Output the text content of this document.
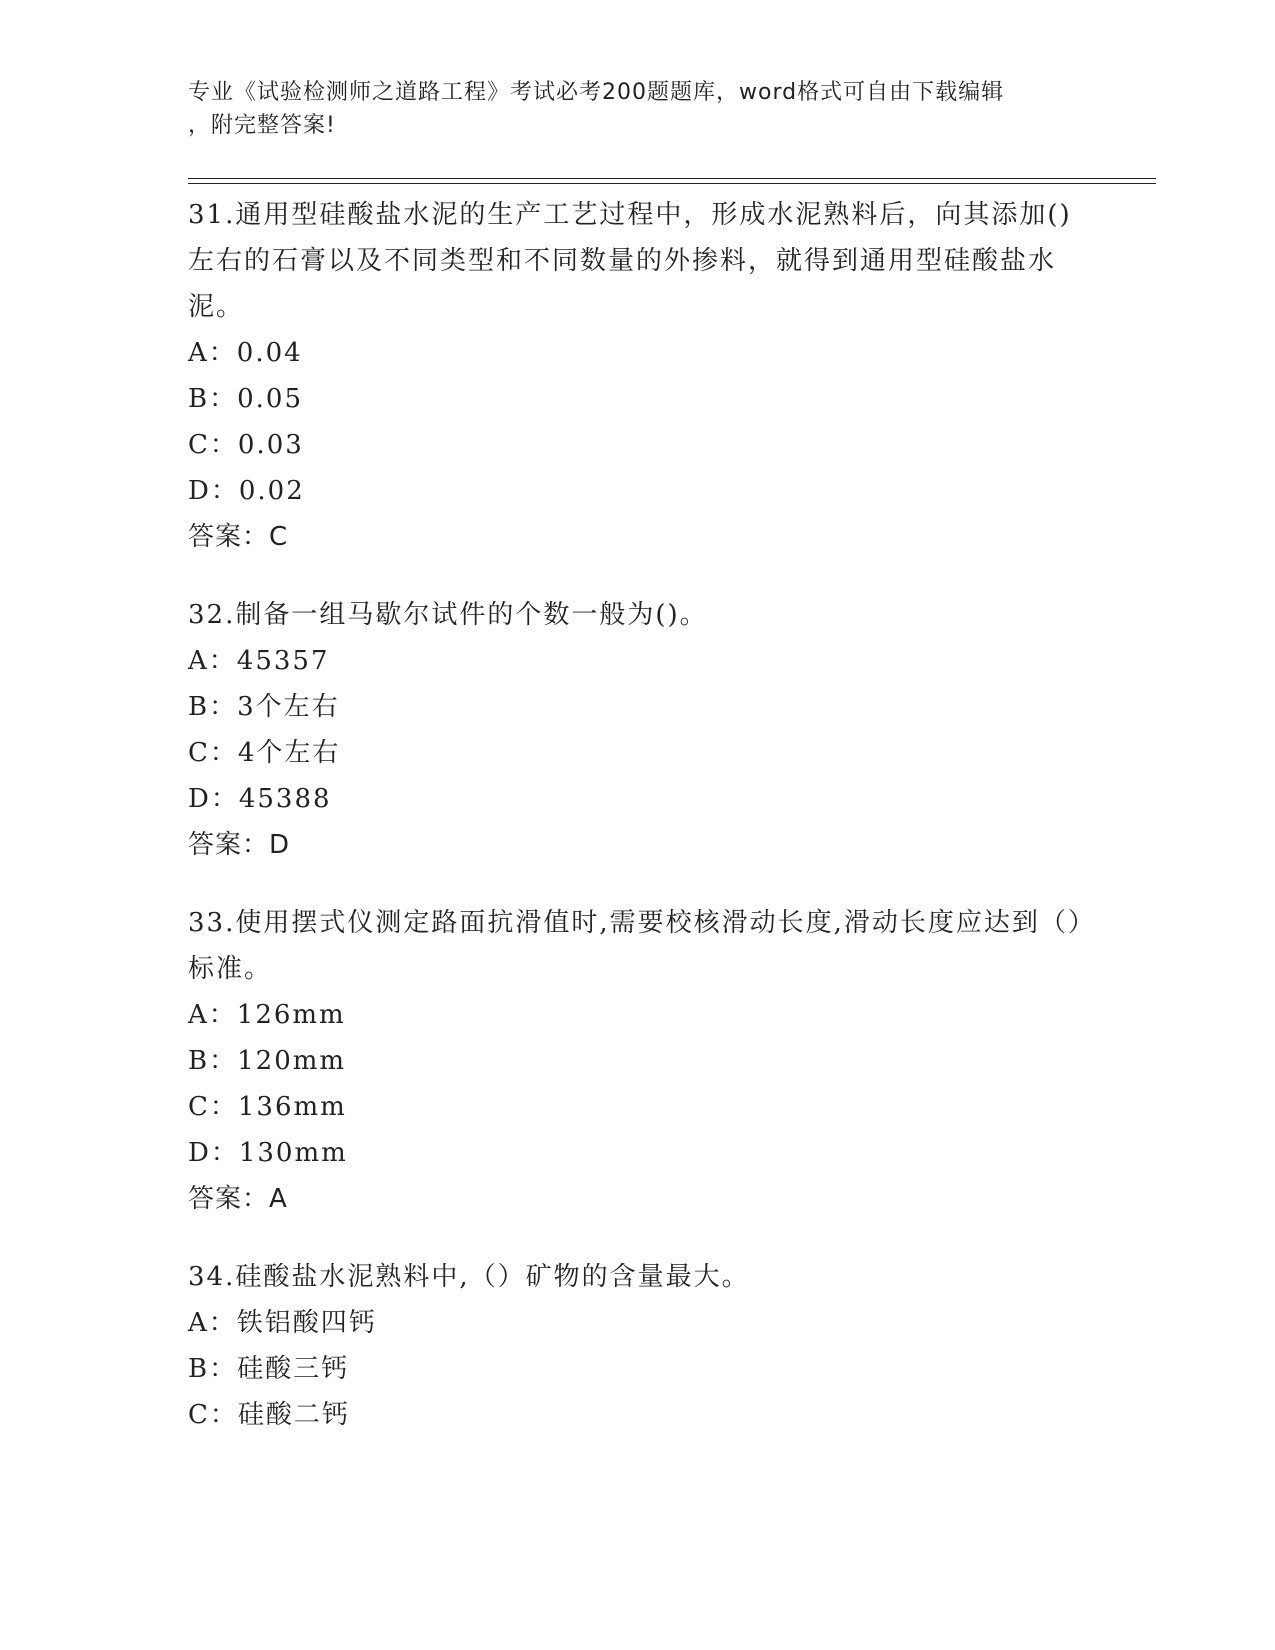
专业《试验检测师之道路工程》考试必考200题题库，word格式可自由下载编辑
，附完整答案!

31.通用型硅酸盐水泥的生产工艺过程中，形成水泥熟料后，向其添加()左右的石膏以及不同类型和不同数量的外掺料，就得到通用型硅酸盐水泥。

A：0.04

B：0.05

C：0.03

D：0.02

答案：C

32.制备一组马歇尔试件的个数一般为()。

A：45357

B：3个左右

C：4个左右

D：45388

答案：D

33.使用摆式仪测定路面抗滑值时,需要校核滑动长度,滑动长度应达到（）标准。

A：126mm

B：120mm

C：136mm

D：130mm

答案：A

34.硅酸盐水泥熟料中,（）矿物的含量最大。

A：铁铝酸四钙

B：硅酸三钙

C：硅酸二钙
